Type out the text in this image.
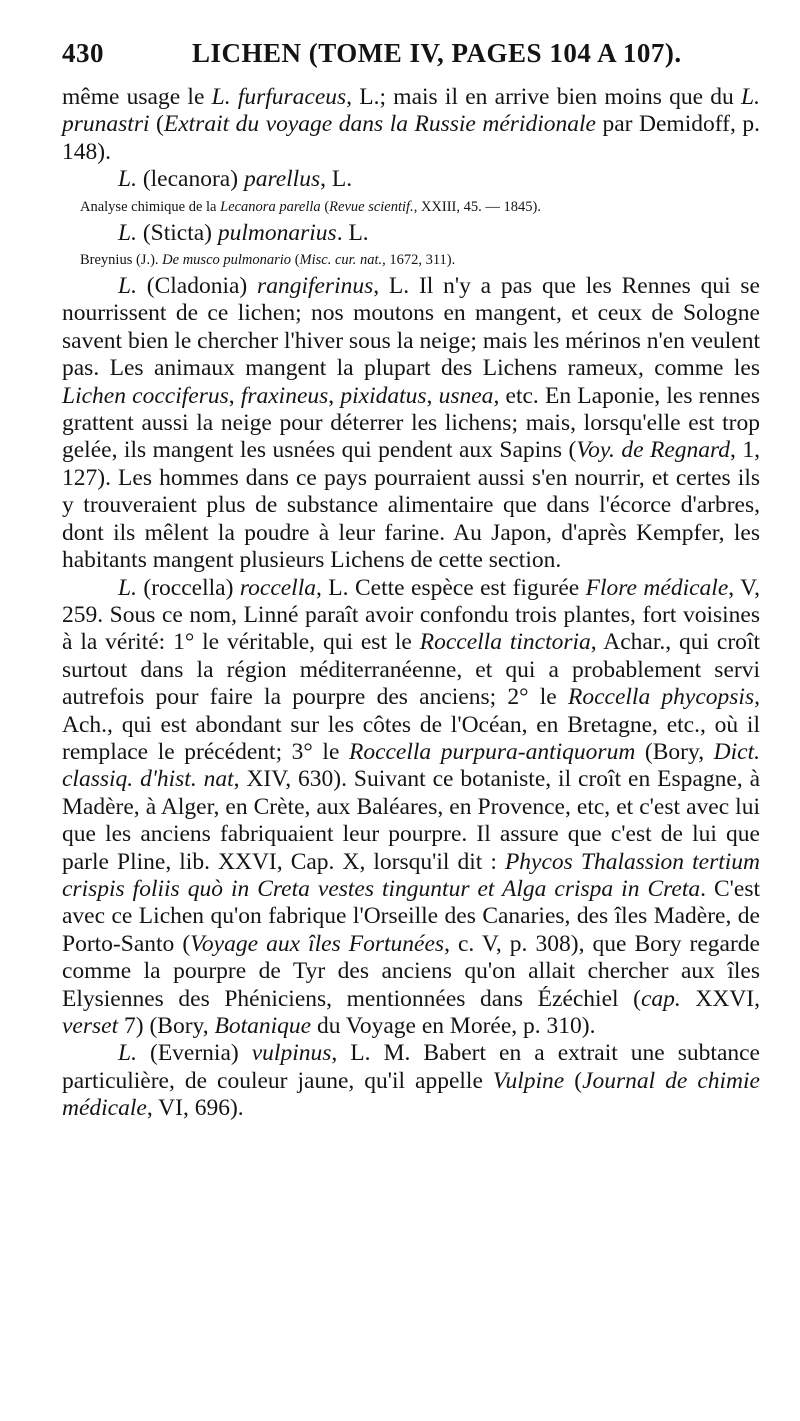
430	LICHEN (TOME IV, PAGES 104 A 107).

même usage le L. furfuraceus, L.; mais il en arrive bien moins que du L. prunastri (Extrait du voyage dans la Russie méridionale par Demidoff, p. 148).

L. (lecanora) parellus, L.

Analyse chimique de la Lecanora parella (Revue scientif., XXIII, 45. — 1845).

L. (Sticta) pulmonarius. L.

Breynius (J.). De musco pulmonario (Misc. cur. nat., 1672, 311).

L. (Cladonia) rangiferinus, L. Il n'y a pas que les Rennes qui se nourrissent de ce lichen; nos moutons en mangent, et ceux de Sologne savent bien le chercher l'hiver sous la neige; mais les mérinos n'en veulent pas. Les animaux mangent la plupart des Lichens rameux, comme les Lichen cocciferus, fraxineus, pixidatus, usnea, etc. En Laponie, les rennes grattent aussi la neige pour déterrer les lichens; mais, lorsqu'elle est trop gelée, ils mangent les usnées qui pendent aux Sapins (Voy. de Regnard, 1, 127). Les hommes dans ce pays pourraient aussi s'en nourrir, et certes ils y trouveraient plus de substance alimentaire que dans l'écorce d'arbres, dont ils mêlent la poudre à leur farine. Au Japon, d'après Kempfer, les habitants mangent plusieurs Lichens de cette section.

L. (roccella) roccella, L. Cette espèce est figurée Flore médicale, V, 259. Sous ce nom, Linné paraît avoir confondu trois plantes, fort voisines à la vérité: 1° le véritable, qui est le Roccella tinctoria, Achar., qui croît surtout dans la région méditerranéenne, et qui a probablement servi autrefois pour faire la pourpre des anciens; 2° le Roccella phycopsis, Ach., qui est abondant sur les côtes de l'Océan, en Bretagne, etc., où il remplace le précédent; 3° le Roccella purpura-antiquorum (Bory, Dict. classiq. d'hist. nat, XIV, 630). Suivant ce botaniste, il croît en Espagne, à Madère, à Alger, en Crète, aux Baléares, en Provence, etc, et c'est avec lui que les anciens fabriquaient leur pourpre. Il assure que c'est de lui que parle Pline, lib. XXVI, Cap. X, lorsqu'il dit : Phycos Thalassion tertium crispis foliis quò in Creta vestes tinguntur et Alga crispa in Creta. C'est avec ce Lichen qu'on fabrique l'Orseille des Canaries, des îles Madère, de Porto-Santo (Voyage aux îles Fortunées, c. V, p. 308), que Bory regarde comme la pourpre de Tyr des anciens qu'on allait chercher aux îles Elysiennes des Phéniciens, mentionnées dans Ézéchiel (cap. XXVI, verset 7) (Bory, Botanique du Voyage en Morée, p. 310).

L. (Evernia) vulpinus, L. M. Babert en a extrait une subtance particulière, de couleur jaune, qu'il appelle Vulpine (Journal de chimie médicale, VI, 696).
